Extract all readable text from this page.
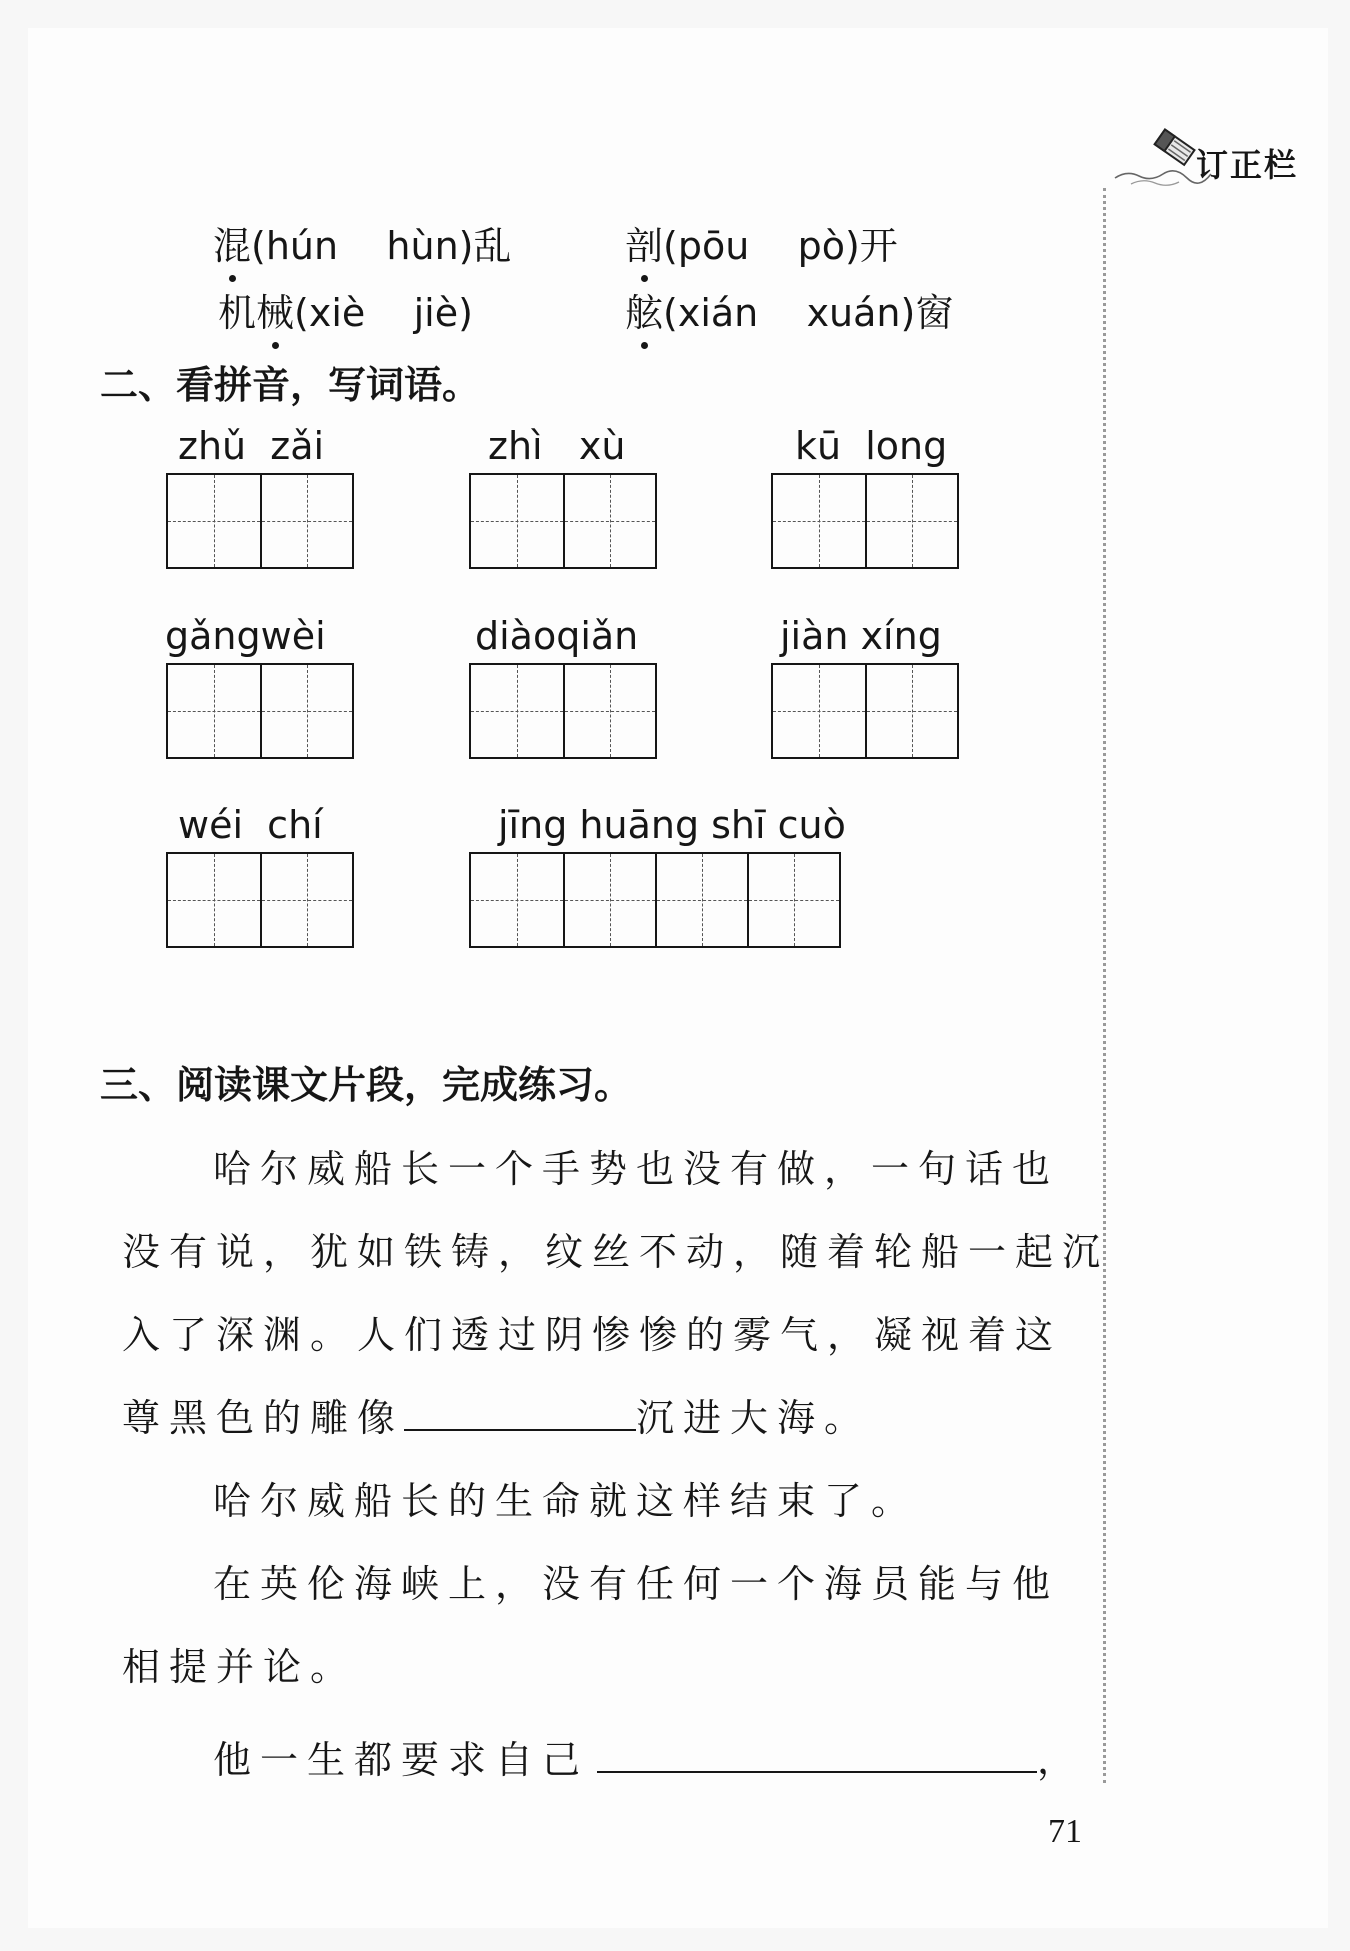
订正栏
混(hún    hùn)乱	剖(pōu    pò)开
机械(xiè    jiè)	舷(xián    xuán)窗
二、看拼音，写词语。
zhǔ  zǎi	zhì   xù	kū  long
gǎngwèi	diàoqiǎn	jiàn xíng
wéi  chí	jīng huāng shī cuò
三、阅读课文片段，完成练习。
哈尔威船长一个手势也没有做，一句话也
没有说，犹如铁铸，纹丝不动，随着轮船一起沉
入了深渊。人们透过阴惨惨的雾气，凝视着这
尊黑色的雕像	沉进大海。
哈尔威船长的生命就这样结束了。
在英伦海峡上，没有任何一个海员能与他
相提并论。
他一生都要求自己	，
71
